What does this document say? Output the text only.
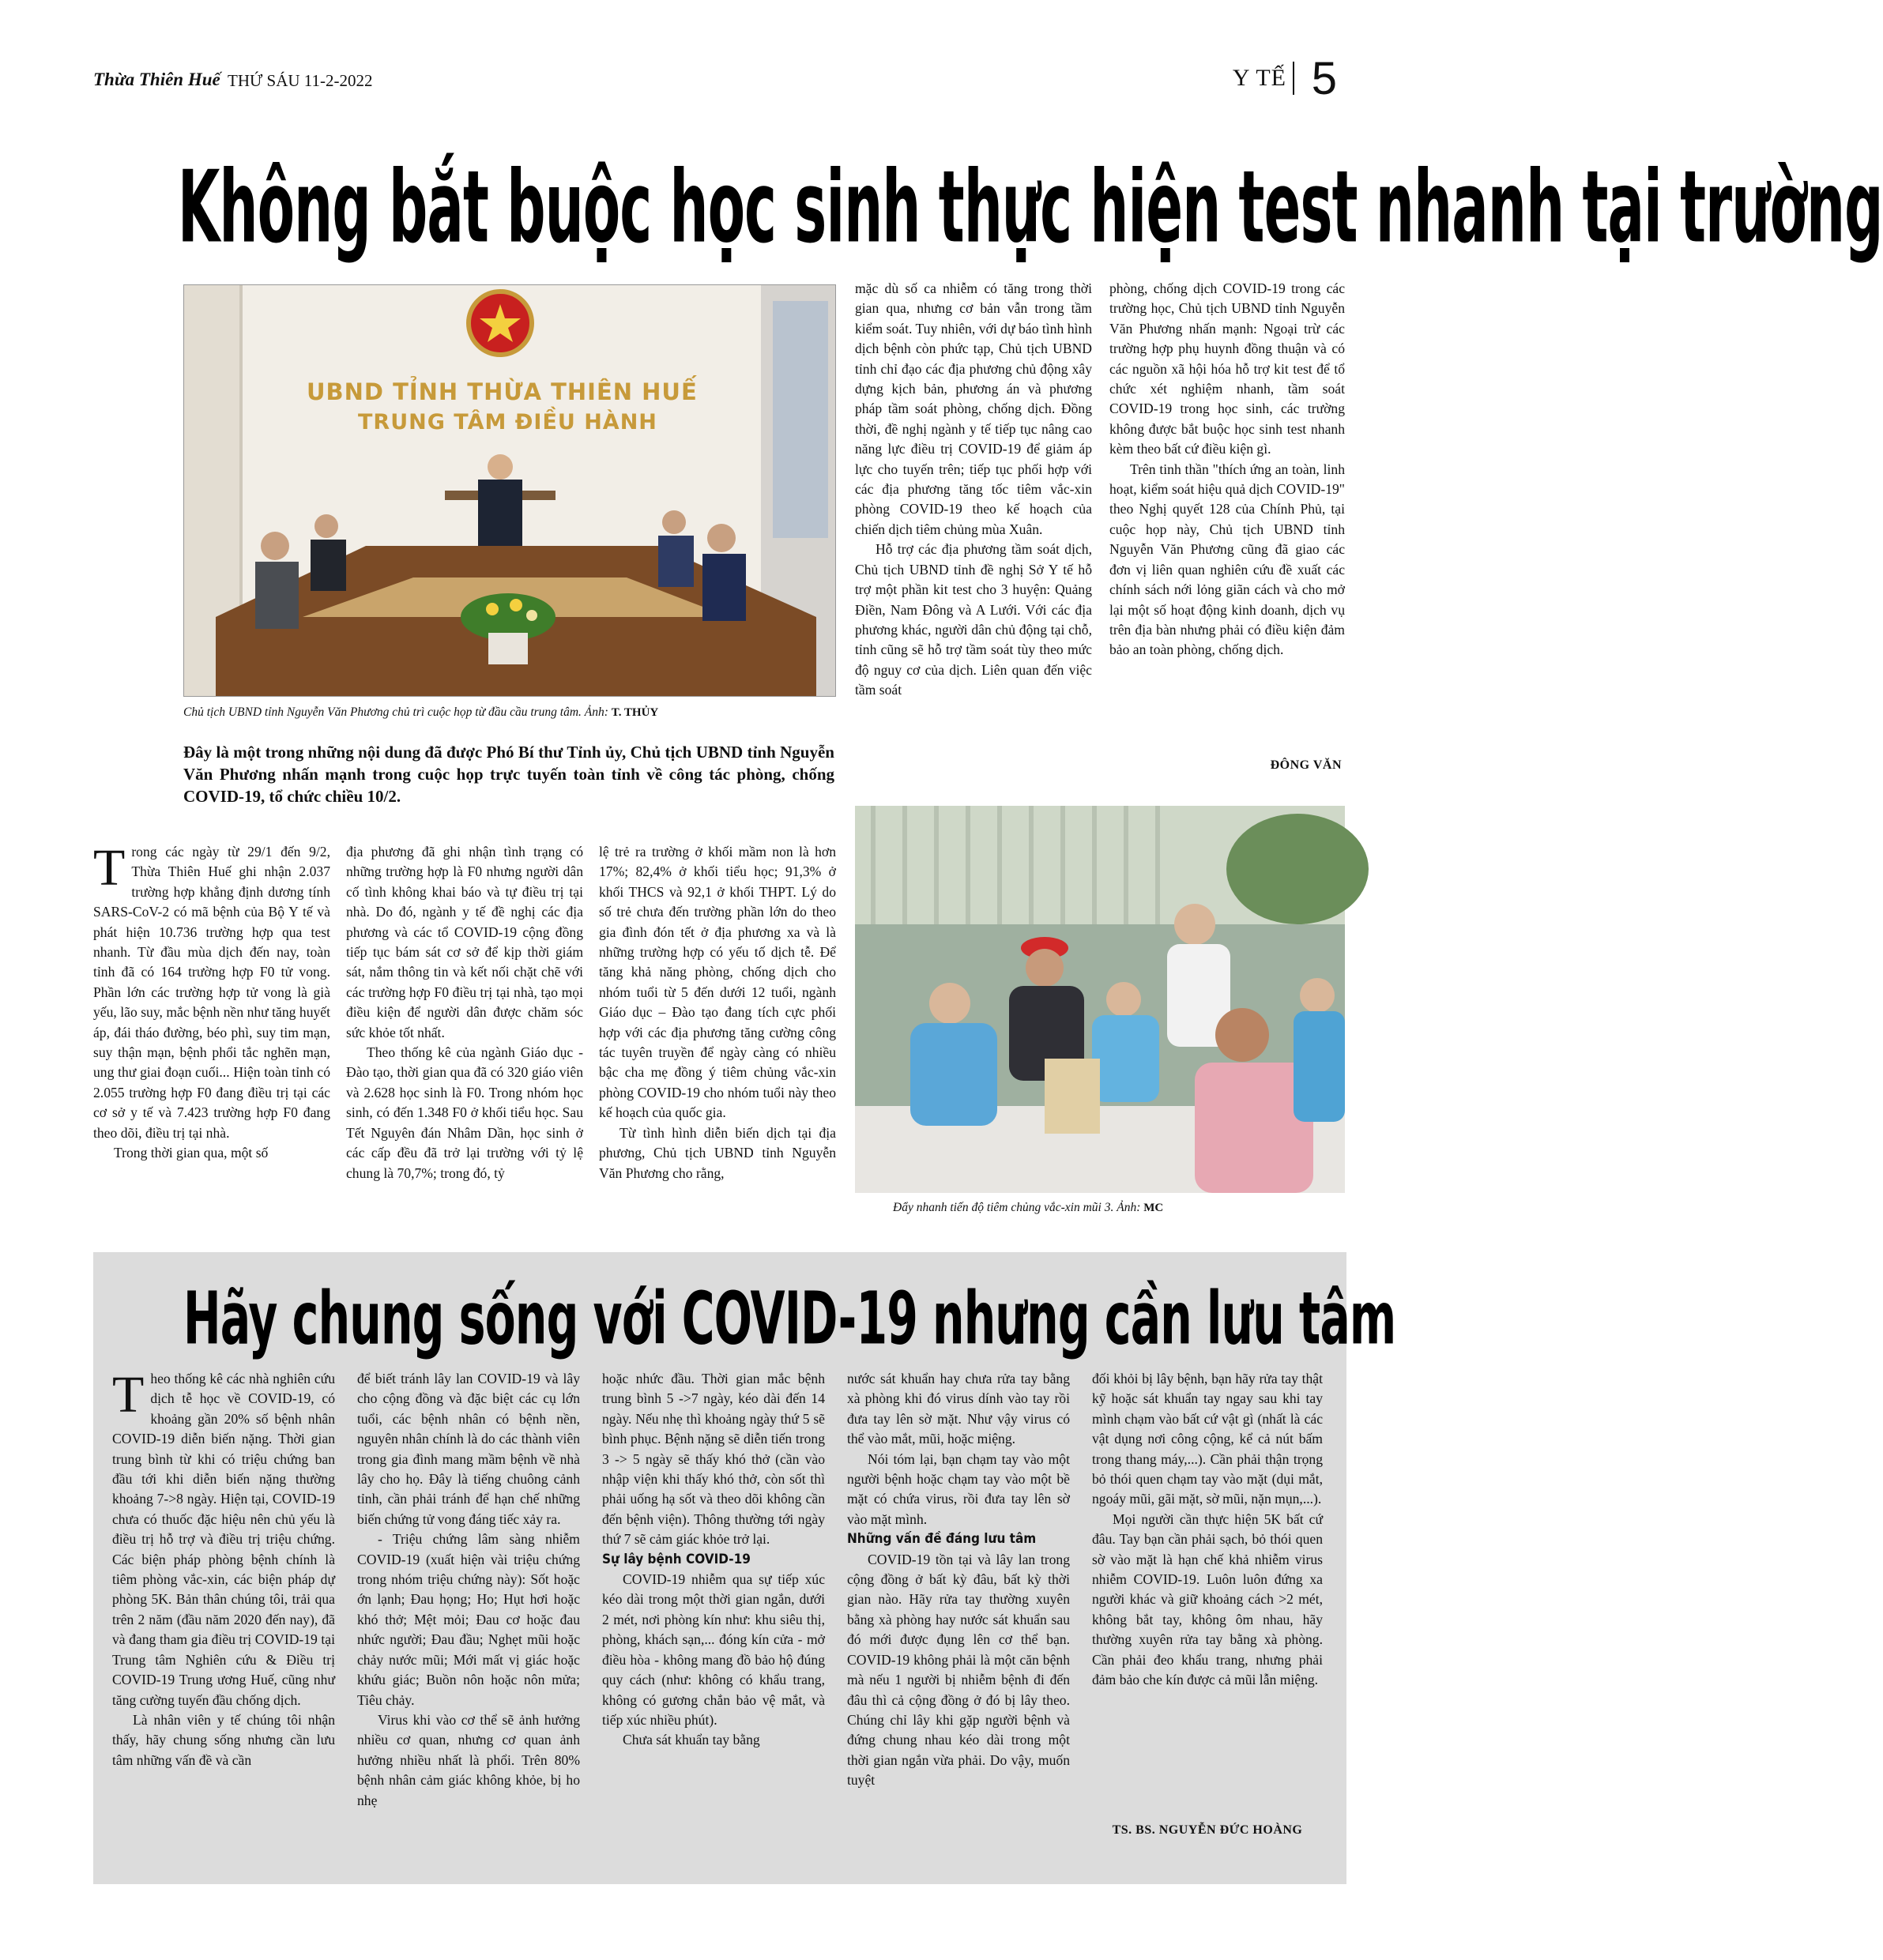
Thừa Thiên Huế THỨ SÁU 11-2-2022	Y TẾ 5
Không bắt buộc học sinh thực hiện test nhanh tại trường
UBND TỈNH THỪA THIÊN HUẾ
TRUNG TÂM ĐIỀU HÀNH
Chủ tịch UBND tỉnh Nguyễn Văn Phương chủ trì cuộc họp từ đầu cầu trung tâm. Ảnh: T. THỦY
Đây là một trong những nội dung đã được Phó Bí thư Tỉnh ủy, Chủ tịch UBND tỉnh Nguyễn Văn Phương nhấn mạnh trong cuộc họp trực tuyến toàn tỉnh về công tác phòng, chống COVID-19, tổ chức chiều 10/2.

mặc dù số ca nhiễm có tăng trong thời gian qua, nhưng cơ bản vẫn trong tầm kiểm soát. Tuy nhiên, với dự báo tình hình dịch bệnh còn phức tạp, Chủ tịch UBND tỉnh chỉ đạo các địa phương chủ động xây dựng kịch bản, phương án và phương pháp tầm soát phòng, chống dịch. Đồng thời, đề nghị ngành y tế tiếp tục nâng cao năng lực điều trị COVID-19 để giảm áp lực cho tuyến trên; tiếp tục phối hợp với các địa phương tăng tốc tiêm vắc-xin phòng COVID-19 theo kế hoạch của chiến dịch tiêm chủng mùa Xuân.

Hỗ trợ các địa phương tầm soát dịch, Chủ tịch UBND tỉnh đề nghị Sở Y tế hỗ trợ một phần kit test cho 3 huyện: Quảng Điền, Nam Đông và A Lưới. Với các địa phương khác, người dân chủ động tại chỗ, tỉnh cũng sẽ hỗ trợ tầm soát tùy theo mức độ nguy cơ của dịch. Liên quan đến việc tầm soát

phòng, chống dịch COVID-19 trong các trường học, Chủ tịch UBND tỉnh Nguyễn Văn Phương nhấn mạnh: Ngoại trừ các trường hợp phụ huynh đồng thuận và có các nguồn xã hội hóa hỗ trợ kit test để tổ chức xét nghiệm nhanh, tầm soát COVID-19 trong học sinh, các trường không được bắt buộc học sinh test nhanh kèm theo bất cứ điều kiện gì.

Trên tinh thần "thích ứng an toàn, linh hoạt, kiểm soát hiệu quả dịch COVID-19" theo Nghị quyết 128 của Chính Phủ, tại cuộc họp này, Chủ tịch UBND tỉnh Nguyễn Văn Phương cũng đã giao các đơn vị liên quan nghiên cứu đề xuất các chính sách nới lỏng giãn cách và cho mở lại một số hoạt động kinh doanh, dịch vụ trên địa bàn nhưng phải có điều kiện đảm bảo an toàn phòng, chống dịch.

ĐÔNG VĂN
T rong các ngày từ 29/1 đến 9/2, Thừa Thiên Huế ghi nhận 2.037 trường hợp khẳng định dương tính SARS-CoV-2 có mã bệnh của Bộ Y tế và phát hiện 10.736 trường hợp qua test nhanh. Từ đầu mùa dịch đến nay, toàn tỉnh đã có 164 trường hợp F0 tử vong. Phần lớn các trường hợp tử vong là già yếu, lão suy, mắc bệnh nền như tăng huyết áp, đái tháo đường, béo phì, suy tim mạn, suy thận mạn, bệnh phổi tắc nghẽn mạn, ung thư giai đoạn cuối... Hiện toàn tỉnh có 2.055 trường hợp F0 đang điều trị tại các cơ sở y tế và 7.423 trường hợp F0 đang theo dõi, điều trị tại nhà.

Trong thời gian qua, một số

địa phương đã ghi nhận tình trạng có những trường hợp là F0 nhưng người dân cố tình không khai báo và tự điều trị tại nhà. Do đó, ngành y tế đề nghị các địa phương và các tổ COVID-19 cộng đồng tiếp tục bám sát cơ sở để kịp thời giám sát, nắm thông tin và kết nối chặt chẽ với các trường hợp F0 điều trị tại nhà, tạo mọi điều kiện để người dân được chăm sóc sức khỏe tốt nhất.

Theo thống kê của ngành Giáo dục - Đào tạo, thời gian qua đã có 320 giáo viên và 2.628 học sinh là F0. Trong nhóm học sinh, có đến 1.348 F0 ở khối tiểu học. Sau Tết Nguyên đán Nhâm Dần, học sinh ở các cấp đều đã trở lại trường với tỷ lệ chung là 70,7%; trong đó, tỷ

lệ trẻ ra trường ở khối mầm non là hơn 17%; 82,4% ở khối tiểu học; 91,3% ở khối THCS và 92,1 ở khối THPT. Lý do số trẻ chưa đến trường phần lớn do theo gia đình đón tết ở địa phương xa và là những trường hợp có yếu tố dịch tễ. Để tăng khả năng phòng, chống dịch cho nhóm tuổi từ 5 đến dưới 12 tuổi, ngành Giáo dục – Đào tạo đang tích cực phối hợp với các địa phương tăng cường công tác tuyên truyền để ngày càng có nhiều bậc cha mẹ đồng ý tiêm chủng vắc-xin phòng COVID-19 cho nhóm tuổi này theo kế hoạch của quốc gia.

Từ tình hình diễn biến dịch tại địa phương, Chủ tịch UBND tỉnh Nguyễn Văn Phương cho rằng,

Đẩy nhanh tiến độ tiêm chủng vắc-xin mũi 3. Ảnh: MC
Hãy chung sống với COVID-19 nhưng cần lưu tâm
T heo thống kê các nhà nghiên cứu dịch tễ học về COVID-19, có khoảng gần 20% số bệnh nhân COVID-19 diễn biến nặng. Thời gian trung bình từ khi có triệu chứng ban đầu tới khi diễn biến nặng thường khoảng 7->8 ngày. Hiện tại, COVID-19 chưa có thuốc đặc hiệu nên chủ yếu là điều trị hỗ trợ và điều trị triệu chứng. Các biện pháp phòng bệnh chính là tiêm phòng vắc-xin, các biện pháp dự phòng 5K. Bản thân chúng tôi, trải qua trên 2 năm (đầu năm 2020 đến nay), đã và đang tham gia điều trị COVID-19 tại Trung tâm Nghiên cứu & Điều trị COVID-19 Trung ương Huế, cũng như tăng cường tuyến đầu chống dịch.

Là nhân viên y tế chúng tôi nhận thấy, hãy chung sống nhưng cần lưu tâm những vấn đề và cần

để biết tránh lây lan COVID-19 và lây cho cộng đồng và đặc biệt các cụ lớn tuổi, các bệnh nhân có bệnh nền, nguyên nhân chính là do các thành viên trong gia đình mang mầm bệnh về nhà lây cho họ. Đây là tiếng chuông cảnh tỉnh, cần phải tránh để hạn chế những biến chứng tử vong đáng tiếc xảy ra.

- Triệu chứng lâm sàng nhiễm COVID-19 (xuất hiện vài triệu chứng trong nhóm triệu chứng này): Sốt hoặc ớn lạnh; Đau họng; Ho; Hụt hơi hoặc khó thở; Mệt mỏi; Đau cơ hoặc đau nhức người; Đau đầu; Nghẹt mũi hoặc chảy nước mũi; Mới mất vị giác hoặc khứu giác; Buồn nôn hoặc nôn mửa; Tiêu chảy.

Virus khi vào cơ thể sẽ ảnh hưởng nhiều cơ quan, nhưng cơ quan ảnh hưởng nhiều nhất là phổi. Trên 80% bệnh nhân cảm giác không khỏe, bị ho nhẹ

hoặc nhức đầu. Thời gian mắc bệnh trung bình 5 ->7 ngày, kéo dài đến 14 ngày. Nếu nhẹ thì khoảng ngày thứ 5 sẽ bình phục. Bệnh nặng sẽ diễn tiến trong 3 -> 5 ngày sẽ thấy khó thở (cần vào nhập viện khi thấy khó thở, còn sốt thì phải uống hạ sốt và theo dõi không cần đến bệnh viện). Thông thường tới ngày thứ 7 sẽ cảm giác khỏe trở lại.

Sự lây bệnh COVID-19

COVID-19 nhiễm qua sự tiếp xúc kéo dài trong một thời gian ngắn, dưới 2 mét, nơi phòng kín như: khu siêu thị, phòng, khách sạn,... đóng kín cửa - mở điều hòa - không mang đồ bảo hộ đúng quy cách (như: không có khẩu trang, không có gương chắn bảo vệ mắt, và tiếp xúc nhiều phút).

Chưa sát khuẩn tay bằng

nước sát khuẩn hay chưa rửa tay bằng xà phòng khi đó virus dính vào tay rồi đưa tay lên sờ mặt. Như vậy virus có thể vào mắt, mũi, hoặc miệng.

Nói tóm lại, bạn chạm tay vào một người bệnh hoặc chạm tay vào một bề mặt có chứa virus, rồi đưa tay lên sờ vào mặt mình.

Những vấn đề đáng lưu tâm

COVID-19 tồn tại và lây lan trong cộng đồng ở bất kỳ đâu, bất kỳ thời gian nào. Hãy rửa tay thường xuyên bằng xà phòng hay nước sát khuẩn sau đó mới được đụng lên cơ thể bạn. COVID-19 không phải là một căn bệnh mà nếu 1 người bị nhiễm bệnh đi đến đâu thì cả cộng đồng ở đó bị lây theo. Chúng chỉ lây khi gặp người bệnh và đứng chung nhau kéo dài trong một thời gian ngắn vừa phải. Do vậy, muốn tuyệt

đối khỏi bị lây bệnh, bạn hãy rửa tay thật kỹ hoặc sát khuẩn tay ngay sau khi tay mình chạm vào bất cứ vật gì (nhất là các vật dụng nơi công cộng, kể cả nút bấm trong thang máy,...). Cần phải thận trọng bỏ thói quen chạm tay vào mặt (dụi mắt, ngoáy mũi, gãi mặt, sờ mũi, nặn mụn,...).

Mọi người cần thực hiện 5K bất cứ đâu. Tay bạn cần phải sạch, bỏ thói quen sờ vào mặt là hạn chế khả nhiễm virus nhiễm COVID-19. Luôn luôn đứng xa người khác và giữ khoảng cách >2 mét, không bắt tay, không ôm nhau, hãy thường xuyên rửa tay bằng xà phòng. Cần phải đeo khẩu trang, nhưng phải đảm bảo che kín được cả mũi lẫn miệng.

TS. BS. NGUYỄN ĐỨC HOÀNG
